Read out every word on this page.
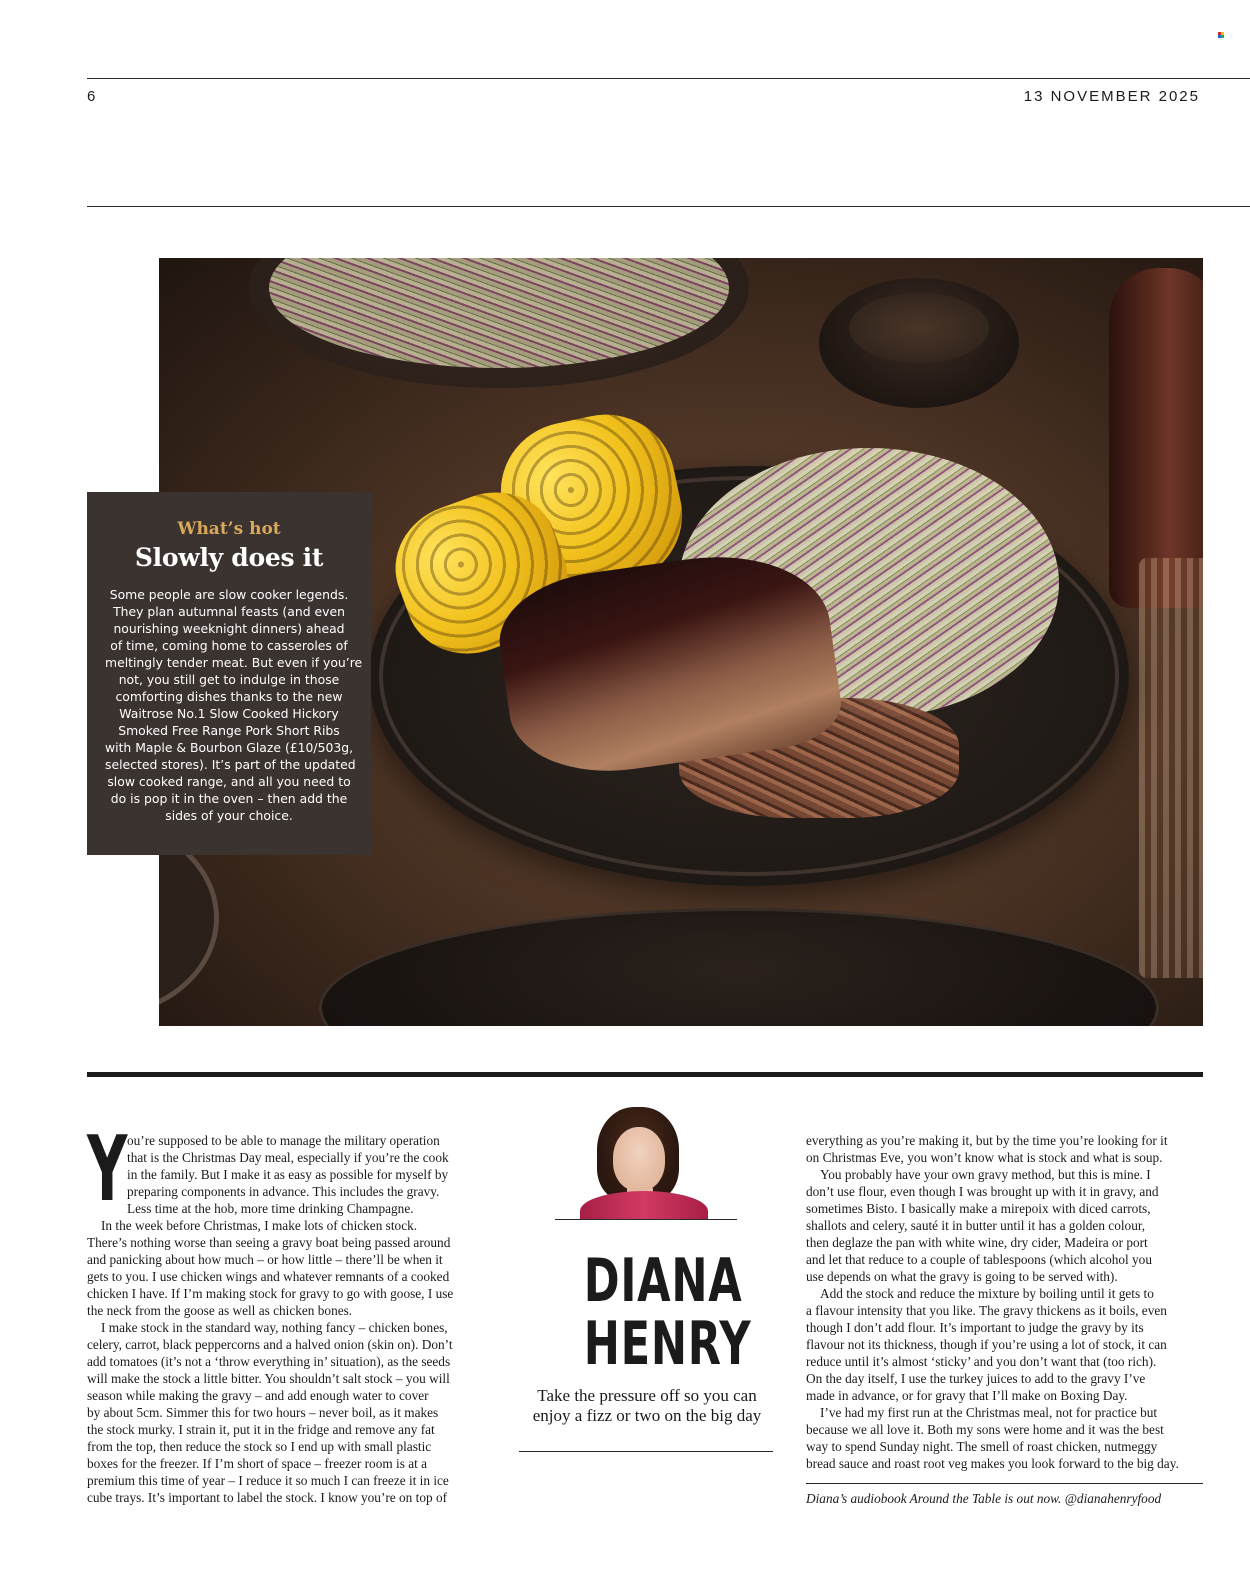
6	13 NOVEMBER 2025
What’s hot
Slowly does it

Some people are slow cooker legends.
They plan autumnal feasts (and even
nourishing weeknight dinners) ahead
of time, coming home to casseroles of
meltingly tender meat. But even if you’re
not, you still get to indulge in those
comforting dishes thanks to the new
Waitrose No.1 Slow Cooked Hickory
Smoked Free Range Pork Short Ribs
with Maple & Bourbon Glaze (£10/503g,
selected stores). It’s part of the updated
slow cooked range, and all you need to
do is pop it in the oven – then add the
sides of your choice.

Y ou’re supposed to be able to manage the military operation
that is the Christmas Day meal, especially if you’re the cook
in the family. But I make it as easy as possible for myself by
preparing components in advance. This includes the gravy.
Less time at the hob, more time drinking Champagne.
In the week before Christmas, I make lots of chicken stock.
There’s nothing worse than seeing a gravy boat being passed around
and panicking about how much – or how little – there’ll be when it
gets to you. I use chicken wings and whatever remnants of a cooked
chicken I have. If I’m making stock for gravy to go with goose, I use
the neck from the goose as well as chicken bones.
I make stock in the standard way, nothing fancy – chicken bones,
celery, carrot, black peppercorns and a halved onion (skin on). Don’t
add tomatoes (it’s not a ‘throw everything in’ situation), as the seeds
will make the stock a little bitter. You shouldn’t salt stock – you will
season while making the gravy – and add enough water to cover
by about 5cm. Simmer this for two hours – never boil, as it makes
the stock murky. I strain it, put it in the fridge and remove any fat
from the top, then reduce the stock so I end up with small plastic
boxes for the freezer. If I’m short of space – freezer room is at a
premium this time of year – I reduce it so much I can freeze it in ice
cube trays. It’s important to label the stock. I know you’re on top of
DIANA
HENRY
Take the pressure off so you can enjoy a fizz or two on the big day
everything as you’re making it, but by the time you’re looking for it
on Christmas Eve, you won’t know what is stock and what is soup.
You probably have your own gravy method, but this is mine. I
don’t use flour, even though I was brought up with it in gravy, and
sometimes Bisto. I basically make a mirepoix with diced carrots,
shallots and celery, sauté it in butter until it has a golden colour,
then deglaze the pan with white wine, dry cider, Madeira or port
and let that reduce to a couple of tablespoons (which alcohol you
use depends on what the gravy is going to be served with).
Add the stock and reduce the mixture by boiling until it gets to
a flavour intensity that you like. The gravy thickens as it boils, even
though I don’t add flour. It’s important to judge the gravy by its
flavour not its thickness, though if you’re using a lot of stock, it can
reduce until it’s almost ‘sticky’ and you don’t want that (too rich).
On the day itself, I use the turkey juices to add to the gravy I’ve
made in advance, or for gravy that I’ll make on Boxing Day.
I’ve had my first run at the Christmas meal, not for practice but
because we all love it. Both my sons were home and it was the best
way to spend Sunday night. The smell of roast chicken, nutmeggy
bread sauce and roast root veg makes you look forward to the big day.
Diana’s audiobook Around the Table is out now. @dianahenryfood
